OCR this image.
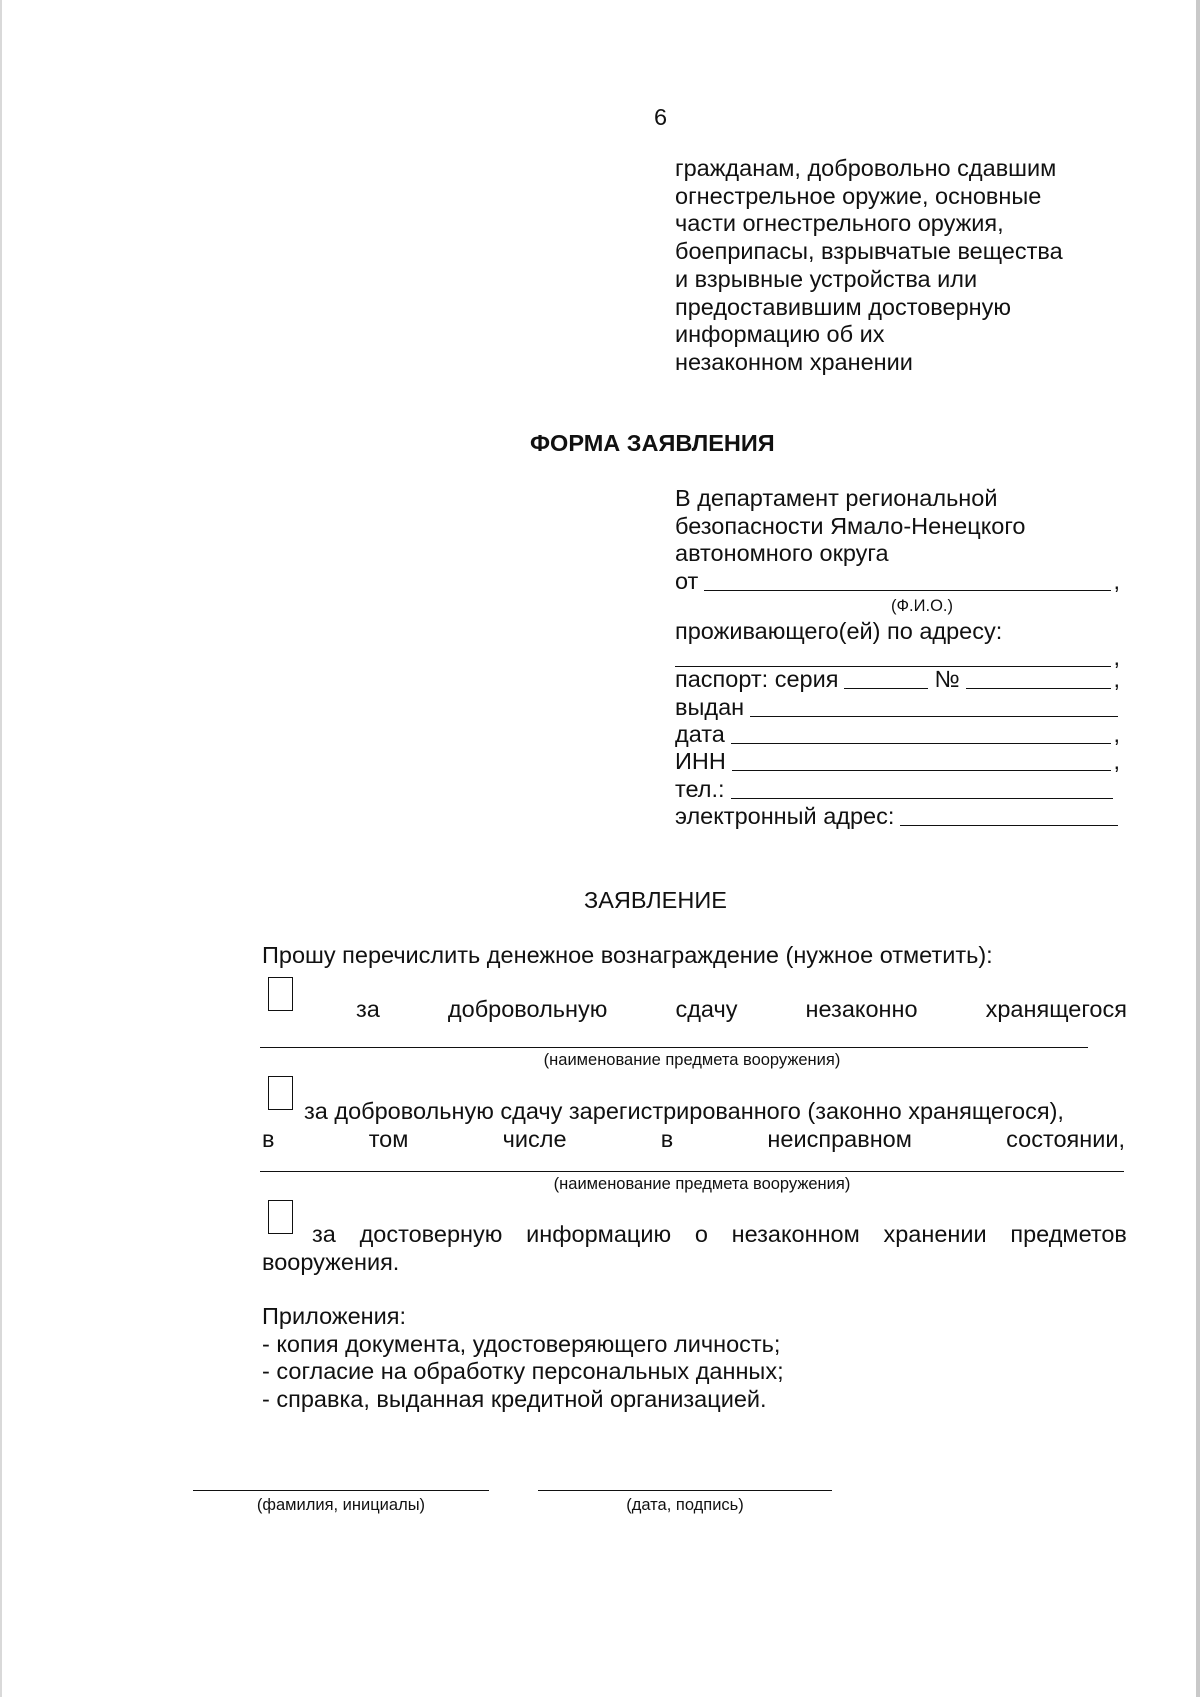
6
гражданам, добровольно сдавшим
огнестрельное оружие, основные
части огнестрельного оружия,
боеприпасы, взрывчатые вещества
и взрывные устройства или
предоставившим достоверную
информацию об их
незаконном хранении
ФОРМА ЗАЯВЛЕНИЯ
В департамент региональной
безопасности Ямало-Ненецкого
автономного округа
от	,
(Ф.И.О.)
проживающего(ей) по адресу:
,
паспорт: серия	№	,
выдан
дата	,
ИНН	,
тел.:
электронный адрес:
ЗАЯВЛЕНИЕ
Прошу перечислить денежное вознаграждение (нужное отметить):
за	добровольную	сдачу	незаконно	хранящегося
(наименование предмета вооружения)
за добровольную сдачу зарегистрированного (законно хранящегося),
в	том	числе	в	неисправном	состоянии,
(наименование предмета вооружения)
за достоверную информацию о незаконном хранении предметов
вооружения.
Приложения:
- копия документа, удостоверяющего личность;
- согласие на обработку персональных данных;
- справка, выданная кредитной организацией.
(фамилия, инициалы)	(дата, подпись)
